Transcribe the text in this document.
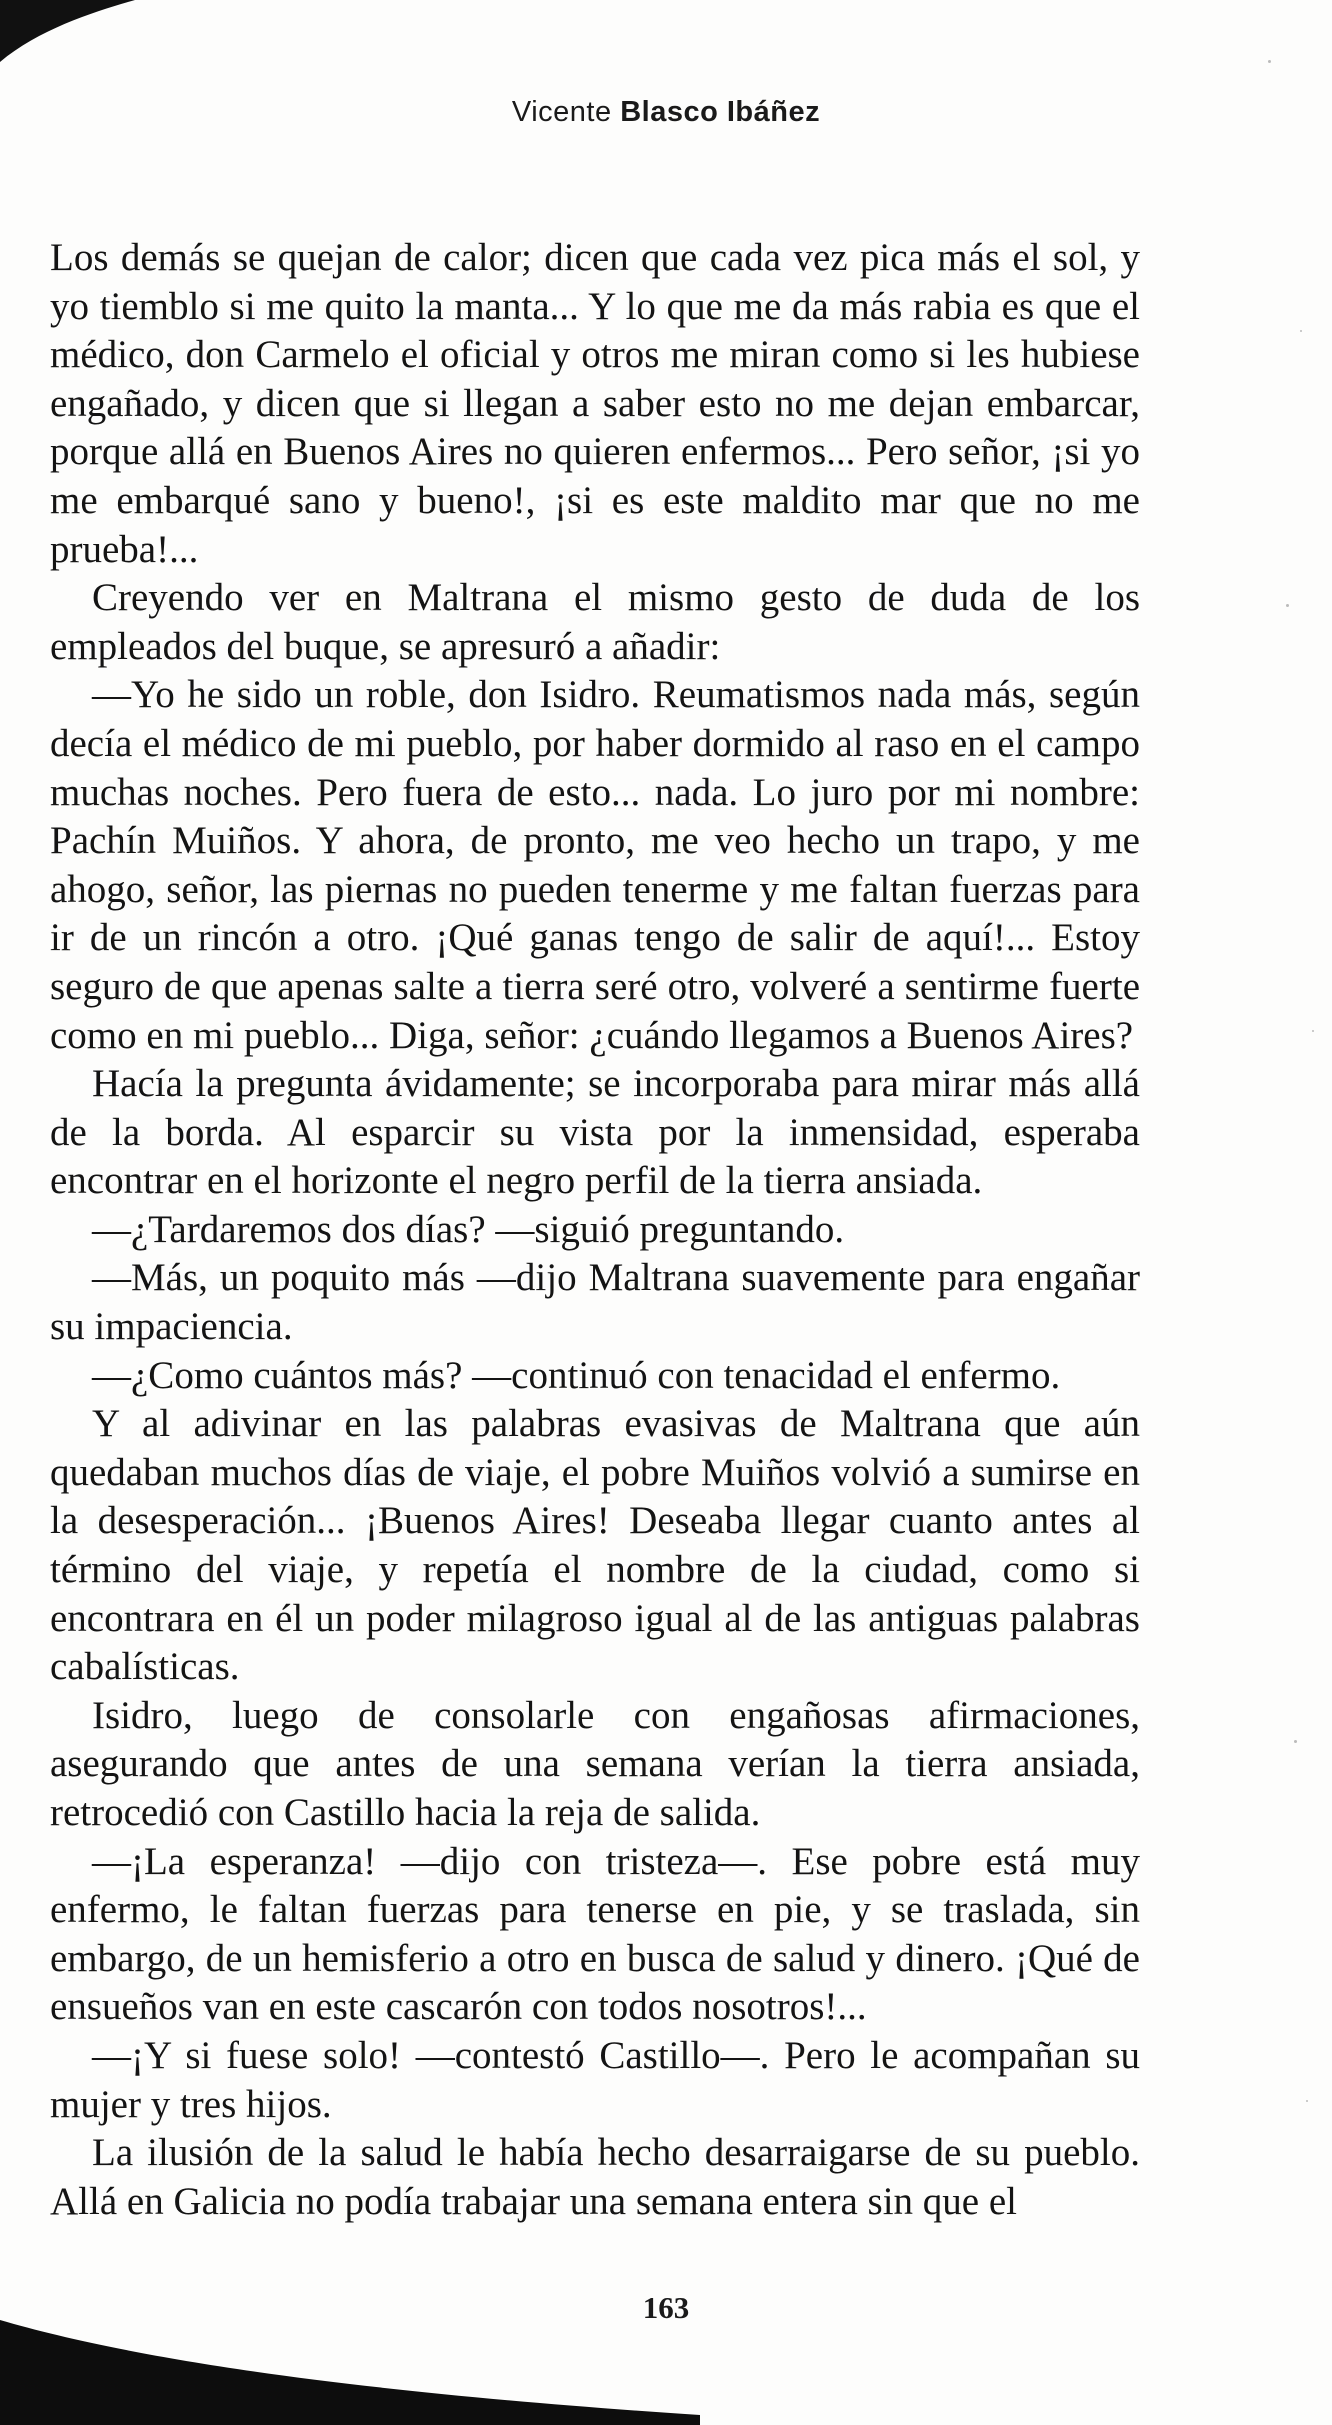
Vicente Blasco Ibáñez

Los demás se quejan de calor; dicen que cada vez pica más el sol, y yo tiemblo si me quito la manta... Y lo que me da más rabia es que el médico, don Carmelo el oficial y otros me miran como si les hubiese engañado, y dicen que si llegan a saber esto no me dejan embarcar, porque allá en Buenos Aires no quieren enfermos... Pero señor, ¡si yo me embarqué sano y bueno!, ¡si es este maldito mar que no me prueba!...

Creyendo ver en Maltrana el mismo gesto de duda de los empleados del buque, se apresuró a añadir:

—Yo he sido un roble, don Isidro. Reumatismos nada más, según decía el médico de mi pueblo, por haber dormido al raso en el campo muchas noches. Pero fuera de esto... nada. Lo juro por mi nombre: Pachín Muiños. Y ahora, de pronto, me veo hecho un trapo, y me ahogo, señor, las piernas no pueden tenerme y me faltan fuerzas para ir de un rincón a otro. ¡Qué ganas tengo de salir de aquí!... Estoy seguro de que apenas salte a tierra seré otro, volveré a sentirme fuerte como en mi pueblo... Diga, señor: ¿cuándo llegamos a Buenos Aires?

Hacía la pregunta ávidamente; se incorporaba para mirar más allá de la borda. Al esparcir su vista por la inmensidad, esperaba encontrar en el horizonte el negro perfil de la tierra ansiada.

—¿Tardaremos dos días? —siguió preguntando.

—Más, un poquito más —dijo Maltrana suavemente para engañar su impaciencia.

—¿Como cuántos más? —continuó con tenacidad el enfermo.

Y al adivinar en las palabras evasivas de Maltrana que aún quedaban muchos días de viaje, el pobre Muiños volvió a sumirse en la desesperación... ¡Buenos Aires! Deseaba llegar cuanto antes al término del viaje, y repetía el nombre de la ciudad, como si encontrara en él un poder milagroso igual al de las antiguas palabras cabalísticas.

Isidro, luego de consolarle con engañosas afirmaciones, asegurando que antes de una semana verían la tierra ansiada, retrocedió con Castillo hacia la reja de salida.

—¡La esperanza! —dijo con tristeza—. Ese pobre está muy enfermo, le faltan fuerzas para tenerse en pie, y se traslada, sin embargo, de un hemisferio a otro en busca de salud y dinero. ¡Qué de ensueños van en este cascarón con todos nosotros!...

—¡Y si fuese solo! —contestó Castillo—. Pero le acompañan su mujer y tres hijos.

La ilusión de la salud le había hecho desarraigarse de su pueblo. Allá en Galicia no podía trabajar una semana entera sin que el

163
